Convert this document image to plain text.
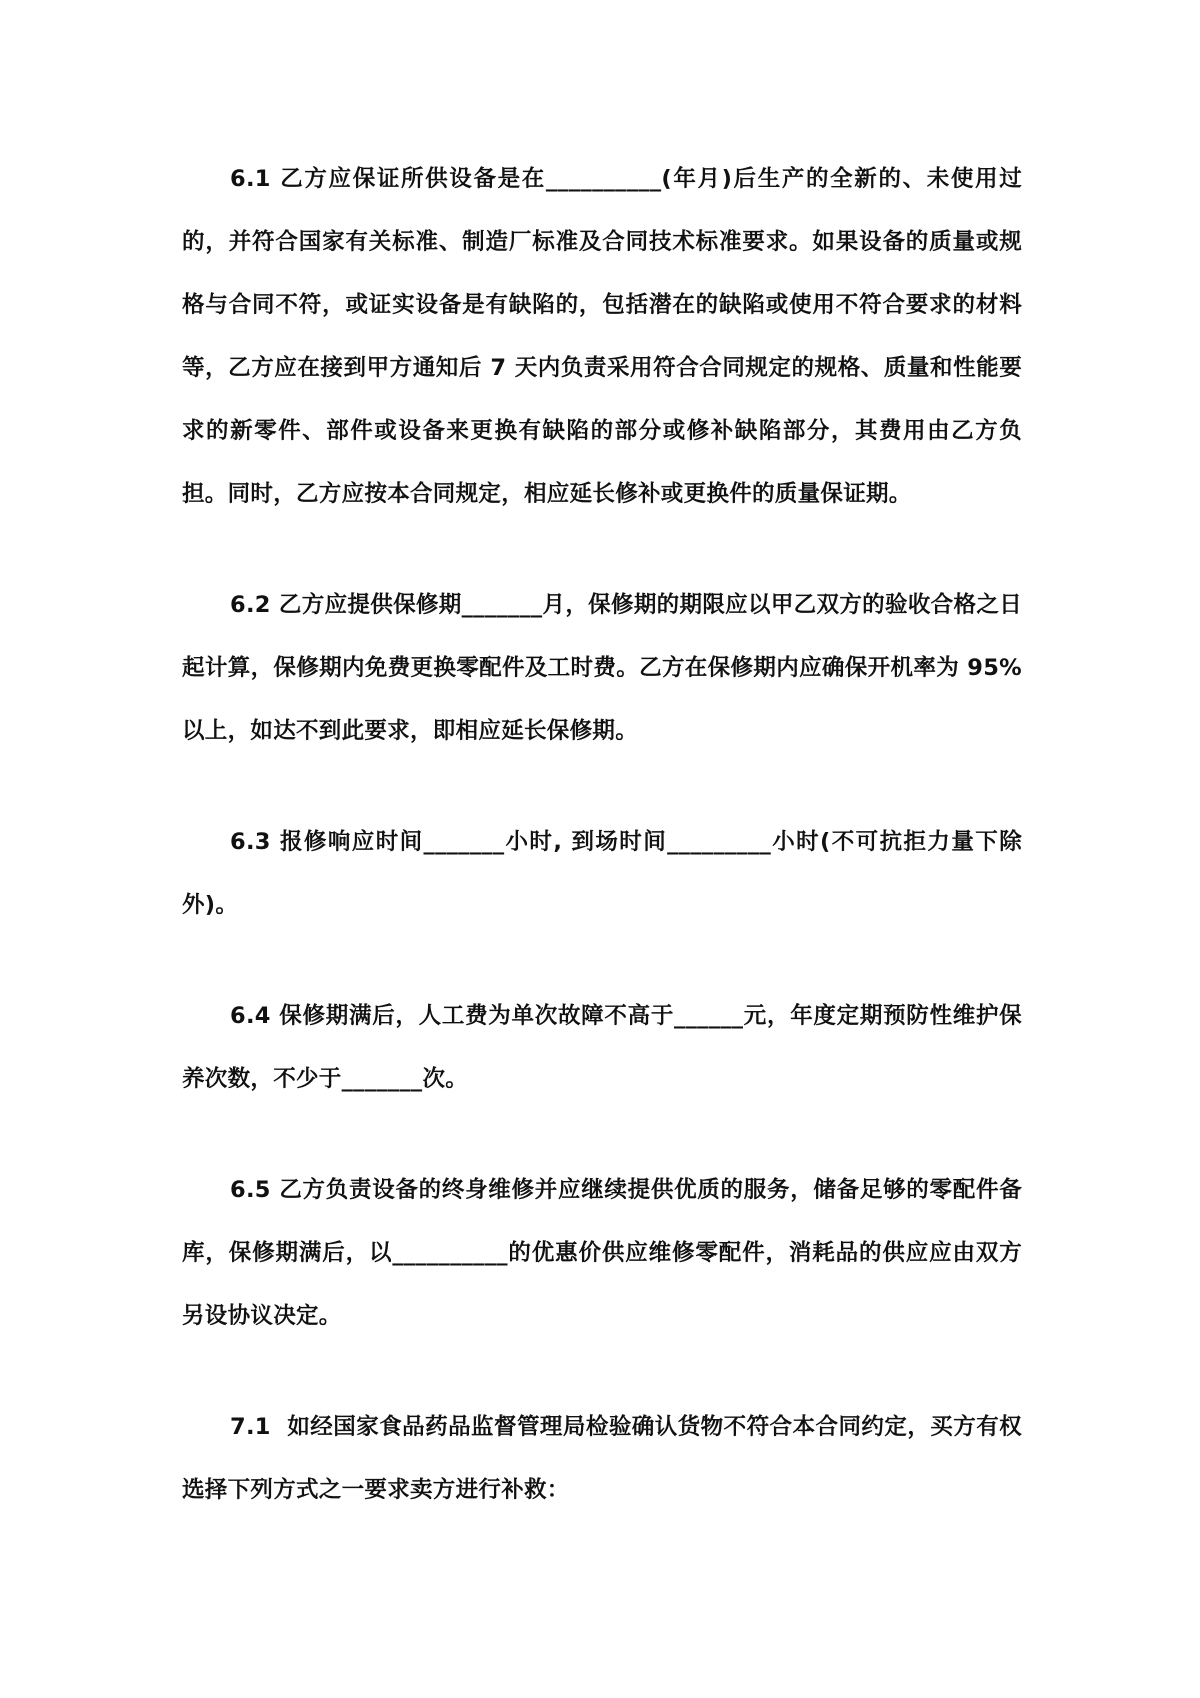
6.1 乙方应保证所供设备是在__________(年月)后生产的全新的、未使用过的，并符合国家有关标准、制造厂标准及合同技术标准要求。如果设备的质量或规格与合同不符，或证实设备是有缺陷的，包括潜在的缺陷或使用不符合要求的材料等，乙方应在接到甲方通知后 7 天内负责采用符合合同规定的规格、质量和性能要求的新零件、部件或设备来更换有缺陷的部分或修补缺陷部分，其费用由乙方负担。同时，乙方应按本合同规定，相应延长修补或更换件的质量保证期。

6.2 乙方应提供保修期_______月，保修期的期限应以甲乙双方的验收合格之日起计算，保修期内免费更换零配件及工时费。乙方在保修期内应确保开机率为 95%以上，如达不到此要求，即相应延长保修期。

6.3 报修响应时间_______小时, 到场时间_________小时(不可抗拒力量下除外)。

6.4 保修期满后，人工费为单次故障不高于______元，年度定期预防性维护保养次数，不少于_______次。

6.5 乙方负责设备的终身维修并应继续提供优质的服务，储备足够的零配件备库，保修期满后，以__________的优惠价供应维修零配件，消耗品的供应应由双方另设协议决定。

7.1  如经国家食品药品监督管理局检验确认货物不符合本合同约定，买方有权选择下列方式之一要求卖方进行补救：
